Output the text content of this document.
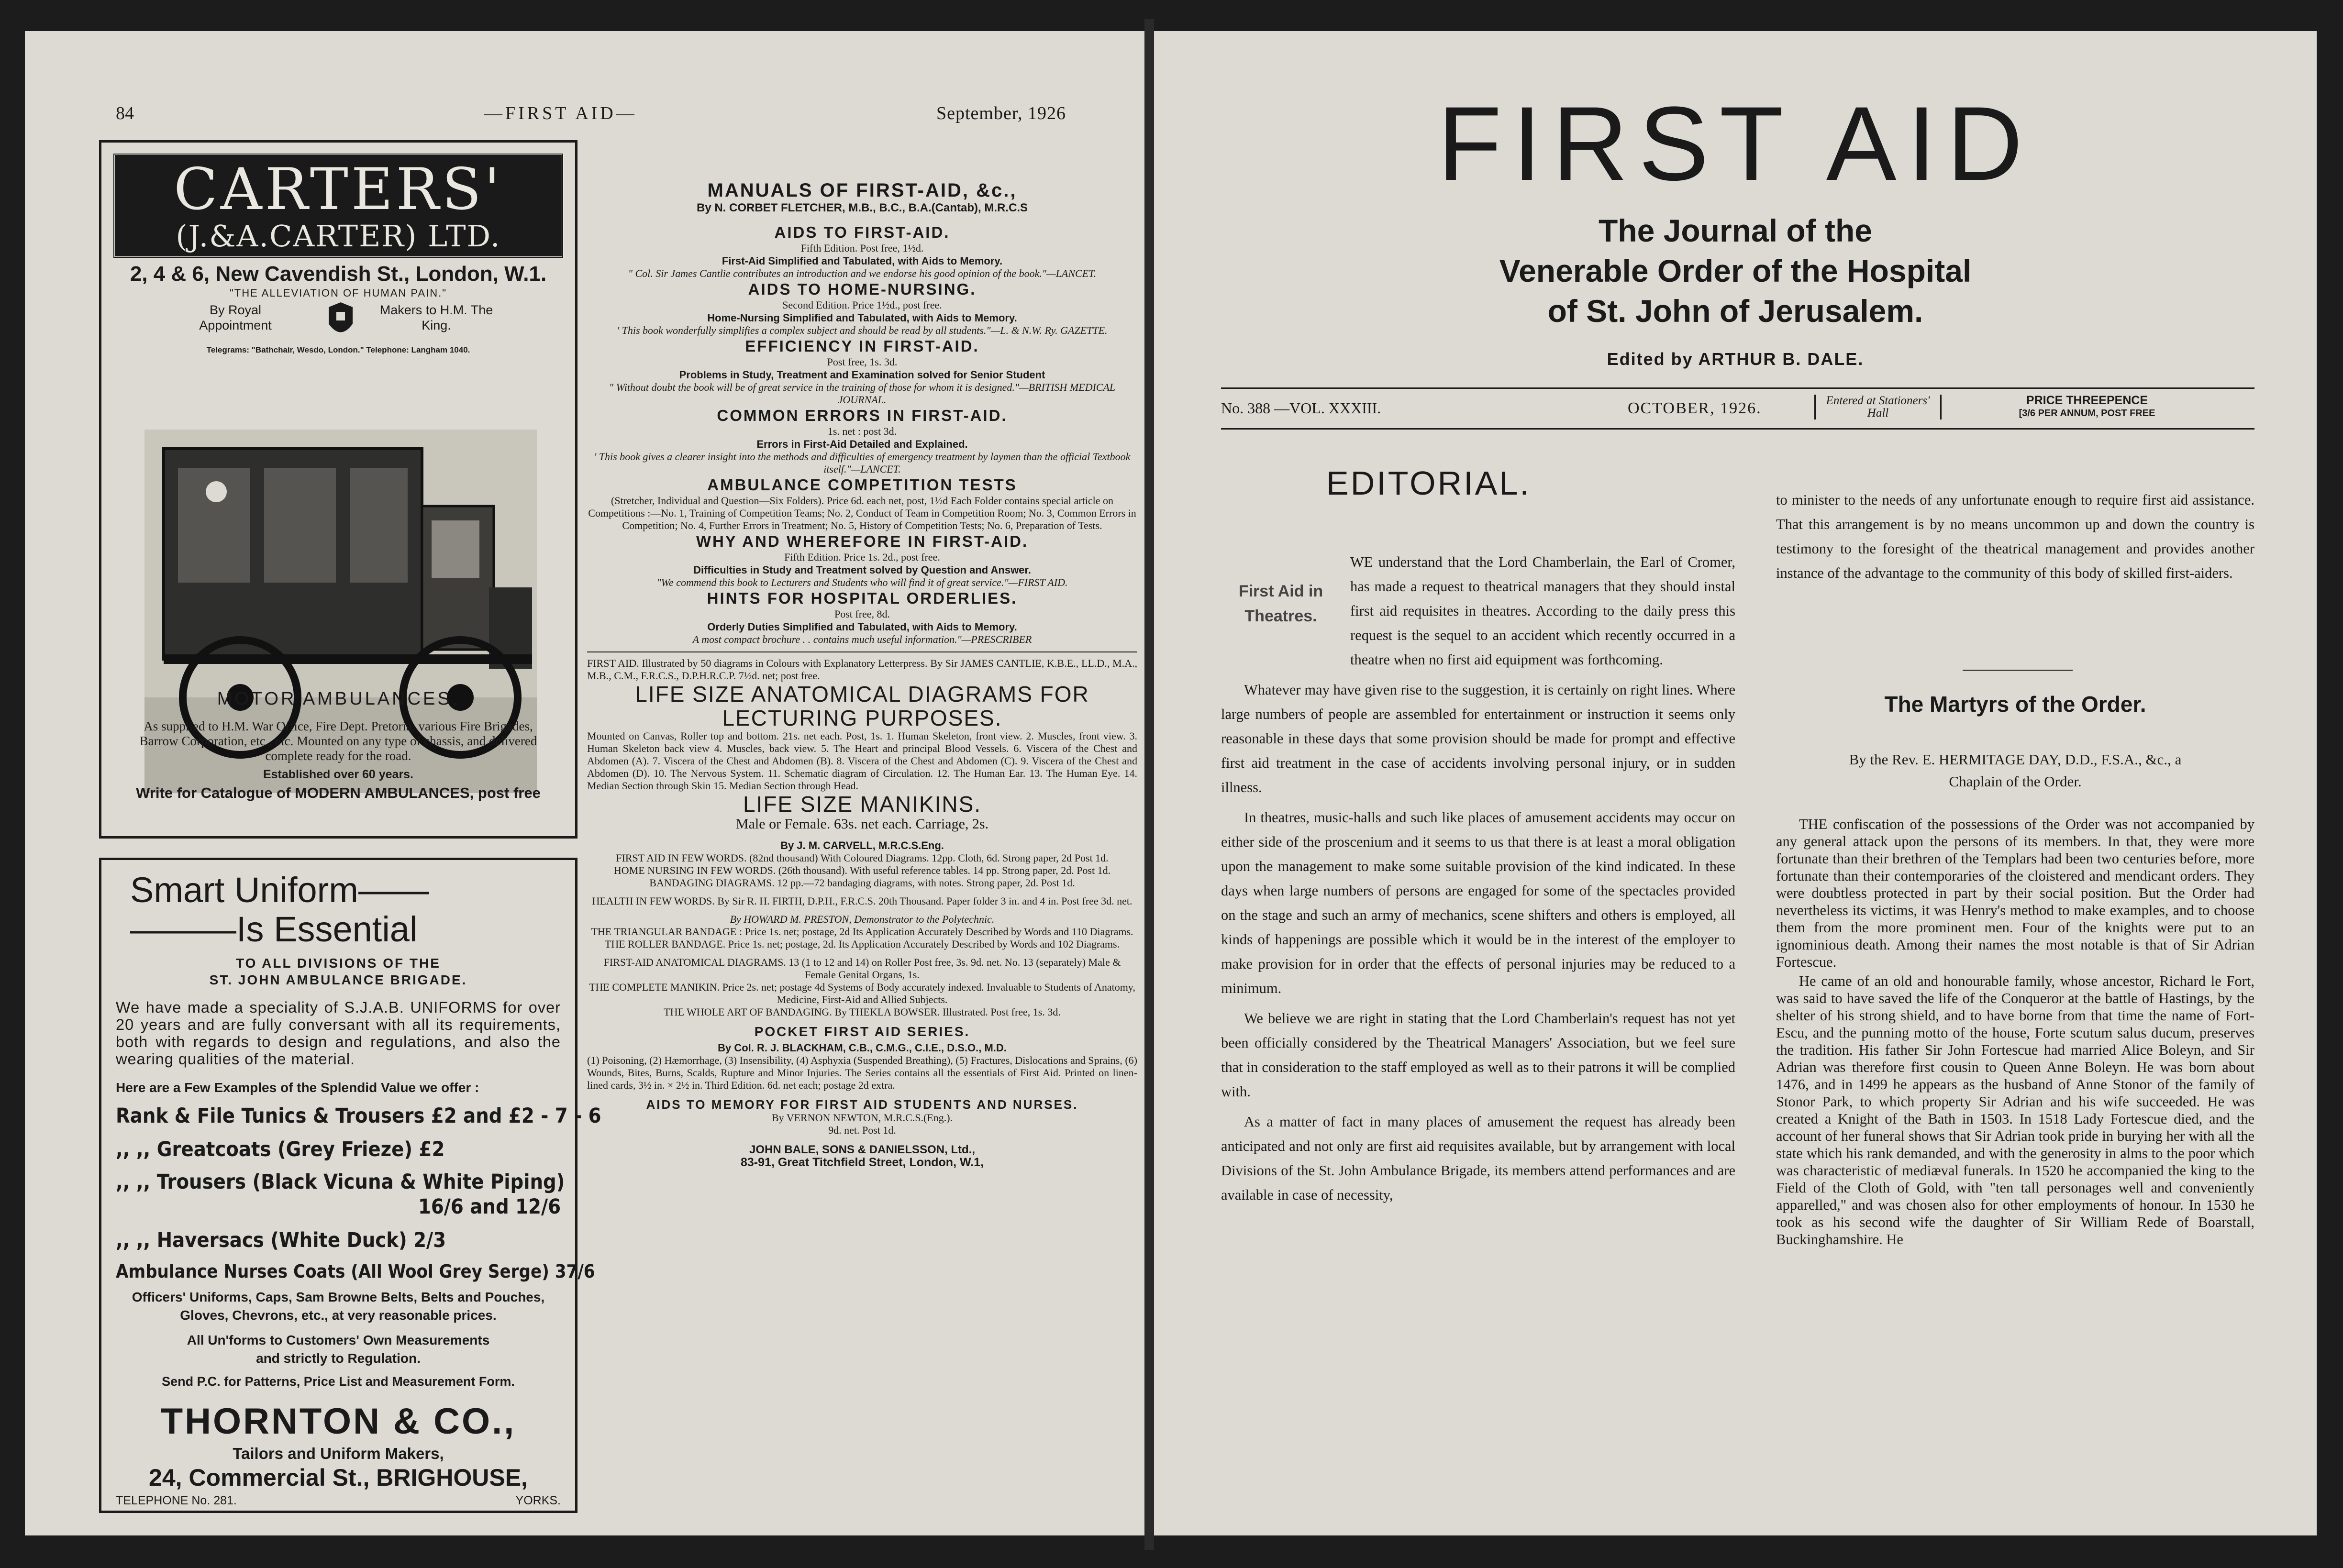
84	—FIRST AID—	September, 1926
CARTERS'
(J.&A.CARTER) LTD.
2, 4 & 6, New Cavendish St., London, W.1.
"THE ALLEVIATION OF HUMAN PAIN."
By Royal Appointment
Makers to H.M. The King.
Telegrams: "Bathchair, Wesdo, London." Telephone: Langham 1040.
MOTOR AMBULANCES,
As supplied to H.M. War Office, Fire Dept. Pretoria, various Fire Brigades, Barrow Corporation, etc., etc. Mounted on any type of chassis, and delivered complete ready for the road.
Established over 60 years.
Write for Catalogue of MODERN AMBULANCES, post free
Smart Uniform——
———Is Essential
TO ALL DIVISIONS OF THE
ST. JOHN AMBULANCE BRIGADE.
We have made a speciality of S.J.A.B. UNIFORMS for over 20 years and are fully conversant with all its requirements, both with regards to design and regulations, and also the wearing qualities of the material.
Here are a Few Examples of the Splendid Value we offer :
Rank & File Tunics & Trousers £2 and £2 - 7 - 6
,, ,, Greatcoats (Grey Frieze) £2
,, ,, Trousers (Black Vicuna & White Piping)
16/6 and 12/6
,, ,, Haversacs (White Duck) 2/3
Ambulance Nurses Coats (All Wool Grey Serge) 37/6
Officers' Uniforms, Caps, Sam Browne Belts, Belts and Pouches, Gloves, Chevrons, etc., at very reasonable prices.
All Un'forms to Customers' Own Measurements and strictly to Regulation.
Send P.C. for Patterns, Price List and Measurement Form.
THORNTON & CO.,
Tailors and Uniform Makers,
24, Commercial St., BRIGHOUSE,
TELEPHONE No. 281.	YORKS.
MANUALS OF FIRST-AID, &c.,
By N. CORBET FLETCHER, M.B., B.C., B.A.(Cantab), M.R.C.S
AIDS TO FIRST-AID.
Fifth Edition. Post free, 1½d.
First-Aid Simplified and Tabulated, with Aids to Memory.
" Col. Sir James Cantlie contributes an introduction and we endorse his good opinion of the book."—LANCET.
AIDS TO HOME-NURSING.
Second Edition. Price 1½d., post free.
Home-Nursing Simplified and Tabulated, with Aids to Memory.
' This book wonderfully simplifies a complex subject and should be read by all students."—L. & N.W. Ry. GAZETTE.
EFFICIENCY IN FIRST-AID.
Post free, 1s. 3d.
Problems in Study, Treatment and Examination solved for Senior Student
" Without doubt the book will be of great service in the training of those for whom it is designed."—BRITISH MEDICAL JOURNAL.
COMMON ERRORS IN FIRST-AID.
1s. net : post 3d.
Errors in First-Aid Detailed and Explained.
' This book gives a clearer insight into the methods and difficulties of emergency treatment by laymen than the official Textbook itself."—LANCET.
AMBULANCE COMPETITION TESTS
(Stretcher, Individual and Question—Six Folders). Price 6d. each net, post, 1½d Each Folder contains special article on Competitions :—No. 1, Training of Competition Teams; No. 2, Conduct of Team in Competition Room; No. 3, Common Errors in Competition; No. 4, Further Errors in Treatment; No. 5, History of Competition Tests; No. 6, Preparation of Tests.
WHY AND WHEREFORE IN FIRST-AID.
Fifth Edition. Price 1s. 2d., post free.
Difficulties in Study and Treatment solved by Question and Answer.
"We commend this book to Lecturers and Students who will find it of great service."—FIRST AID.
HINTS FOR HOSPITAL ORDERLIES.
Post free, 8d.
Orderly Duties Simplified and Tabulated, with Aids to Memory.
A most compact brochure . . contains much useful information."—PRESCRIBER
FIRST AID. Illustrated by 50 diagrams in Colours with Explanatory Letterpress. By Sir JAMES CANTLIE, K.B.E., LL.D., M.A., M.B., C.M., F.R.C.S., D.P.H.R.C.P. 7½d. net; post free.
LIFE SIZE ANATOMICAL DIAGRAMS FOR LECTURING PURPOSES.
Mounted on Canvas, Roller top and bottom. 21s. net each. Post, 1s. 1. Human Skeleton, front view. 2. Muscles, front view. 3. Human Skeleton back view 4. Muscles, back view. 5. The Heart and principal Blood Vessels. 6. Viscera of the Chest and Abdomen (A). 7. Viscera of the Chest and Abdomen (B). 8. Viscera of the Chest and Abdomen (C). 9. Viscera of the Chest and Abdomen (D). 10. The Nervous System. 11. Schematic diagram of Circulation. 12. The Human Ear. 13. The Human Eye. 14. Median Section through Skin 15. Median Section through Head.
LIFE SIZE MANIKINS.
Male or Female. 63s. net each. Carriage, 2s.
By J. M. CARVELL, M.R.C.S.Eng.
FIRST AID IN FEW WORDS. (82nd thousand) With Coloured Diagrams. 12pp. Cloth, 6d. Strong paper, 2d Post 1d.
HOME NURSING IN FEW WORDS. (26th thousand). With useful reference tables. 14 pp. Strong paper, 2d. Post 1d.
BANDAGING DIAGRAMS. 12 pp.—72 bandaging diagrams, with notes. Strong paper, 2d. Post 1d.
HEALTH IN FEW WORDS. By Sir R. H. FIRTH, D.P.H., F.R.C.S. 20th Thousand. Paper folder 3 in. and 4 in. Post free 3d. net.
By HOWARD M. PRESTON, Demonstrator to the Polytechnic.
THE TRIANGULAR BANDAGE : Price 1s. net; postage, 2d Its Application Accurately Described by Words and 110 Diagrams.
THE ROLLER BANDAGE. Price 1s. net; postage, 2d. Its Application Accurately Described by Words and 102 Diagrams.
FIRST-AID ANATOMICAL DIAGRAMS. 13 (1 to 12 and 14) on Roller Post free, 3s. 9d. net. No. 13 (separately) Male & Female Genital Organs, 1s.
THE COMPLETE MANIKIN. Price 2s. net; postage 4d Systems of Body accurately indexed. Invaluable to Students of Anatomy, Medicine, First-Aid and Allied Subjects.
THE WHOLE ART OF BANDAGING. By THEKLA BOWSER. Illustrated. Post free, 1s. 3d.
POCKET FIRST AID SERIES.
By Col. R. J. BLACKHAM, C.B., C.M.G., C.I.E., D.S.O., M.D.
(1) Poisoning, (2) Hæmorrhage, (3) Insensibility, (4) Asphyxia (Suspended Breathing), (5) Fractures, Dislocations and Sprains, (6) Wounds, Bites, Burns, Scalds, Rupture and Minor Injuries. The Series contains all the essentials of First Aid. Printed on linen-lined cards, 3½ in. × 2½ in. Third Edition. 6d. net each; postage 2d extra.
AIDS TO MEMORY FOR FIRST AID STUDENTS AND NURSES.
By VERNON NEWTON, M.R.C.S.(Eng.).
9d. net. Post 1d.
JOHN BALE, SONS & DANIELSSON, Ltd.,
83-91, Great Titchfield Street, London, W.1,
FIRST AID
The Journal of the
Venerable Order of the Hospital
of St. John of Jerusalem.
Edited by ARTHUR B. DALE.
No. 388 —VOL. XXXIII.	OCTOBER, 1926.	Entered at Stationers' Hall
PRICE THREEPENCE
[3/6 PER ANNUM, POST FREE
EDITORIAL.
First Aid in Theatres.

WE understand that the Lord Chamberlain, the Earl of Cromer, has made a request to theatrical managers that they should instal first aid requisites in theatres. According to the daily press this request is the sequel to an accident which recently occurred in a theatre when no first aid equipment was forthcoming.

Whatever may have given rise to the suggestion, it is certainly on right lines. Where large numbers of people are assembled for entertainment or instruction it seems only reasonable in these days that some provision should be made for prompt and effective first aid treatment in the case of accidents involving personal injury, or in sudden illness.

In theatres, music-halls and such like places of amusement accidents may occur on either side of the proscenium and it seems to us that there is at least a moral obligation upon the management to make some suitable provision of the kind indicated. In these days when large numbers of persons are engaged for some of the spectacles provided on the stage and such an army of mechanics, scene shifters and others is employed, all kinds of happenings are possible which it would be in the interest of the employer to make provision for in order that the effects of personal injuries may be reduced to a minimum.

We believe we are right in stating that the Lord Chamberlain's request has not yet been officially considered by the Theatrical Managers' Association, but we feel sure that in consideration to the staff employed as well as to their patrons it will be complied with.

As a matter of fact in many places of amusement the request has already been anticipated and not only are first aid requisites available, but by arrangement with local Divisions of the St. John Ambulance Brigade, its members attend performances and are available in case of necessity,

to minister to the needs of any unfortunate enough to require first aid assistance. That this arrangement is by no means uncommon up and down the country is testimony to the foresight of the theatrical management and provides another instance of the advantage to the community of this body of skilled first-aiders.

The Martyrs of the Order.
By the Rev. E. HERMITAGE DAY, D.D., F.S.A., &c., a Chaplain of the Order.

THE confiscation of the possessions of the Order was not accompanied by any general attack upon the persons of its members. In that, they were more fortunate than their brethren of the Templars had been two centuries before, more fortunate than their contemporaries of the cloistered and mendicant orders. They were doubtless protected in part by their social position. But the Order had nevertheless its victims, it was Henry's method to make examples, and to choose them from the more prominent men. Four of the knights were put to an ignominious death. Among their names the most notable is that of Sir Adrian Fortescue.

He came of an old and honourable family, whose ancestor, Richard le Fort, was said to have saved the life of the Conqueror at the battle of Hastings, by the shelter of his strong shield, and to have borne from that time the name of Fort-Escu, and the punning motto of the house, Forte scutum salus ducum, preserves the tradition. His father Sir John Fortescue had married Alice Boleyn, and Sir Adrian was therefore first cousin to Queen Anne Boleyn. He was born about 1476, and in 1499 he appears as the husband of Anne Stonor of the family of Stonor Park, to which property Sir Adrian and his wife succeeded. He was created a Knight of the Bath in 1503. In 1518 Lady Fortescue died, and the account of her funeral shows that Sir Adrian took pride in burying her with all the state which his rank demanded, and with the generosity in alms to the poor which was characteristic of mediæval funerals. In 1520 he accompanied the king to the Field of the Cloth of Gold, with "ten tall personages well and conveniently apparelled," and was chosen also for other employments of honour. In 1530 he took as his second wife the daughter of Sir William Rede of Boarstall, Buckinghamshire. He
